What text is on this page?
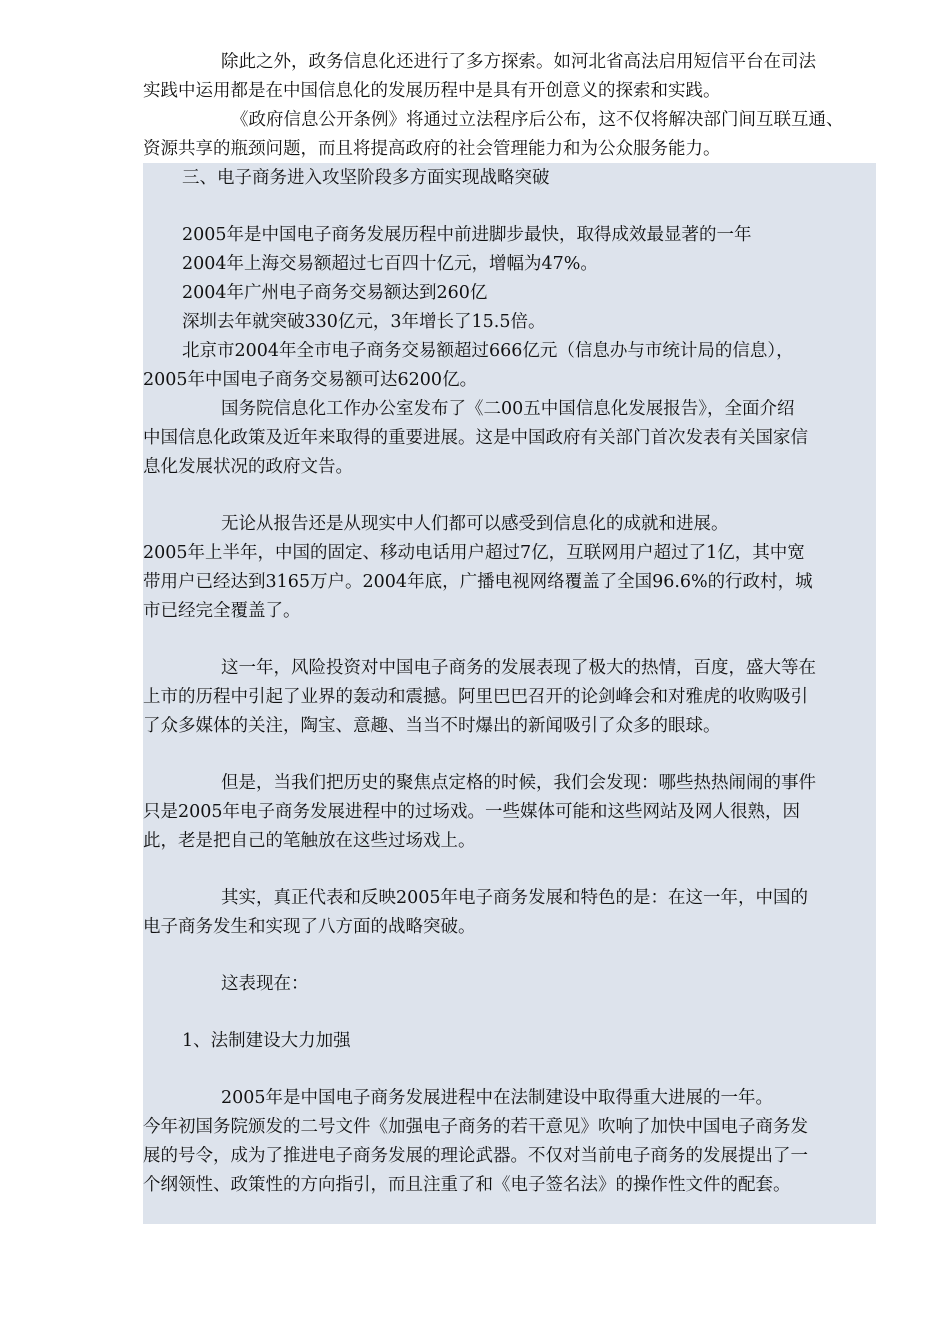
除此之外，政务信息化还进行了多方探索。如河北省高法启用短信平台在司法
实践中运用都是在中国信息化的发展历程中是具有开创意义的探索和实践。
《政府信息公开条例》将通过立法程序后公布，这不仅将解决部门间互联互通、
资源共享的瓶颈问题，而且将提高政府的社会管理能力和为公众服务能力。
三、电子商务进入攻坚阶段多方面实现战略突破
2005年是中国电子商务发展历程中前进脚步最快，取得成效最显著的一年
2004年上海交易额超过七百四十亿元，增幅为47%。
2004年广州电子商务交易额达到260亿
深圳去年就突破330亿元，3年增长了15.5倍。
北京市2004年全市电子商务交易额超过666亿元（信息办与市统计局的信息），
2005年中国电子商务交易额可达6200亿。
国务院信息化工作办公室发布了《二00五中国信息化发展报告》，全面介绍
中国信息化政策及近年来取得的重要进展。这是中国政府有关部门首次发表有关国家信
息化发展状况的政府文告。
无论从报告还是从现实中人们都可以感受到信息化的成就和进展。
2005年上半年，中国的固定、移动电话用户超过7亿，互联网用户超过了1亿，其中宽
带用户已经达到3165万户。2004年底，广播电视网络覆盖了全国96.6%的行政村，城
市已经完全覆盖了。
这一年，风险投资对中国电子商务的发展表现了极大的热情，百度，盛大等在
上市的历程中引起了业界的轰动和震撼。阿里巴巴召开的论剑峰会和对雅虎的收购吸引
了众多媒体的关注，陶宝、意趣、当当不时爆出的新闻吸引了众多的眼球。
但是，当我们把历史的聚焦点定格的时候，我们会发现：哪些热热闹闹的事件
只是2005年电子商务发展进程中的过场戏。一些媒体可能和这些网站及网人很熟，因
此，老是把自己的笔触放在这些过场戏上。
其实，真正代表和反映2005年电子商务发展和特色的是：在这一年，中国的
电子商务发生和实现了八方面的战略突破。
这表现在：
1、法制建设大力加强
2005年是中国电子商务发展进程中在法制建设中取得重大进展的一年。
今年初国务院颁发的二号文件《加强电子商务的若干意见》吹响了加快中国电子商务发
展的号令，成为了推进电子商务发展的理论武器。不仅对当前电子商务的发展提出了一
个纲领性、政策性的方向指引，而且注重了和《电子签名法》的操作性文件的配套。
